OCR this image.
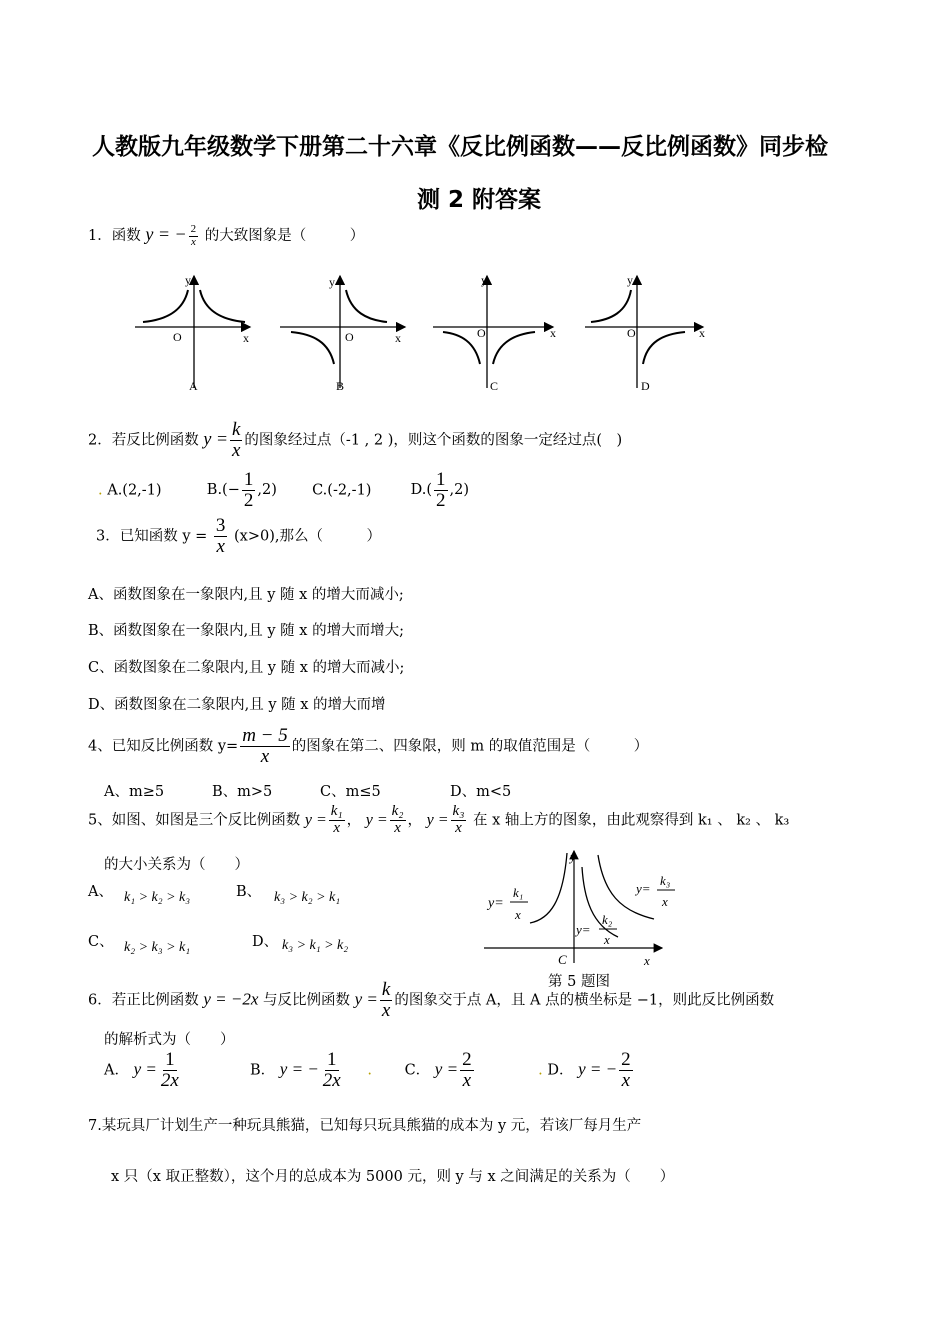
人教版九年级数学下册第二十六章《反比例函数——反比例函数》同步检
测 2 附答案
1．函数 y = − $\frac{2}{x}$ 的大致图象是（　　　）
y
x
O
A
y
x
O
B
y
x
O
C
y
x
O
D
2．若反比例函数 $y = \frac{k}{x}$ 的图象经过点（-1 , 2 )，则这个函数的图象一定经过点(　)
. A.(2,-1)	$B.(- \frac{1}{2} ,2)$ C.(-2,-1)	$D.( \frac{1}{2} ,2)$
3．已知函数 $y = \frac{3}{x} (x>0)$,那么（　　　）
A、函数图象在一象限内,且 y 随 x 的增大而减小;
B、函数图象在一象限内,且 y 随 x 的增大而增大;
C、函数图象在二象限内,且 y 随 x 的增大而减小;
D、函数图象在二象限内,且 y 随 x 的增大而增
4、已知反比例函数 $y= \frac{m - 5}{x}$ 的图象在第二、四象限，则 m 的取值范围是（　　　）
A、m≥5	B、m>5	C、m≤5	D、m<5
5、如图、如图是三个反比例函数 $y = \frac{\text{k₁}}{x}$ ， $y = \frac{\text{k₂}}{x}$ ， $y = \frac{\text{k₃}}{x}$ 在 x 轴上方的图象，由此观察得到 k₁ 、 k₂ 、 k₃
的大小关系为（　　）
A、 k₁ > k₂ > k₃	B、 k₃ > k₂ > k₁
C、 k₂ > k₃ > k₁	D、 k₃ > k₁ > k₂
y
x
C
y=
k₁
x
y=
k₂
x
y=
k₃
x
第 5 题图
6．若正比例函数 y = −2x 与反比例函数 $y = \frac{k}{x}$ 的图象交于点 A，且 A 点的横坐标是 −1，则此反比例函数
的解析式为（　　）
A． $y = \frac{1}{2x}$	B． y = − $\frac{1}{2x}$ . C． $y = \frac{2}{x}$	. D． y = − $\frac{2}{x}$
7.某玩具厂计划生产一种玩具熊猫，已知每只玩具熊猫的成本为 y 元，若该厂每月生产
x 只（x 取正整数），这个月的总成本为 5000 元，则 y 与 x 之间满足的关系为（　　）
